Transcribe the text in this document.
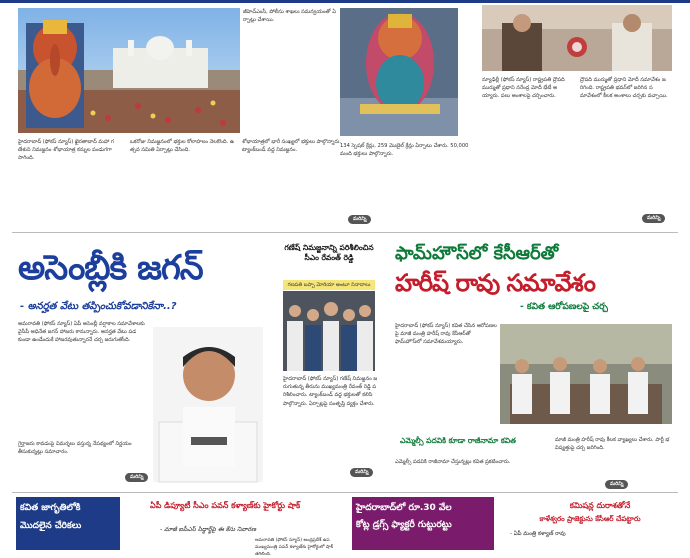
హైదరాబాద్‌ (ఫోకస్‌ న్యూస్‌) ఖైరతాబాద్‌ మహా గణేశుని నిమజ్జనం శోభాయాత్ర కన్నుల పండుగగా సాగింది.
ఒకరోజు నిమజ్జనంలో భక్తుల కోలాహలం నెలకొంది. ఉత్సవ సమితి ఏర్పాట్లు చేసింది.
శోభాయాత్రలో భారీ సంఖ్యలో భక్తులు పాల్గొన్నారు. ట్యాంక్‌బండ్‌ వద్ద నిమజ్జనం.
జీహెచ్‌ఎంసీ, పోలీసు శాఖలు సమన్వయంతో ఏర్పాట్లు చేశాయి.
134 స్పెషల్‌ క్రేన్లు, 259 మొబైల్‌ క్రేన్లు ఏర్పాటు చేశారు. 50,000 మంది భక్తులు పాల్గొన్నారు.
మరిన్ని
న్యూఢిల్లీ (ఫోకస్‌ న్యూస్‌) రాష్ట్రపతి ద్రౌపది ముర్ముతో ప్రధాని నరేంద్ర మోదీ భేటీ అయ్యారు. పలు అంశాలపై చర్చించారు.
ద్రౌపది ముర్ముతో ప్రధాని మోదీ సమావేశం జరిగింది. రాష్ట్రపతి భవన్‌లో జరిగిన సమావేశంలో కీలక అంశాలు చర్చకు వచ్చాయి.
మరిన్ని
అసెంబ్లీకి జగన్‌
- అనర్హత వేటు తప్పించుకోవడానికేనా..?
అమరావతి (ఫోకస్‌ న్యూస్‌) ఏపీ అసెంబ్లీ వర్షాకాల సమావేశాలకు వైసీపీ అధినేత జగన్‌ హాజరు కానున్నారు. అనర్హత వేటు పడకుండా ఉండేందుకే హాజరవుతున్నారనే చర్చ జరుగుతోంది.
గైర్హాజరు కావడంపై విమర్శలు వస్తున్న నేపథ్యంలో నిర్ణయం తీసుకున్నట్లు సమాచారం.
మరిన్ని
గణేష్‌ నిమజ్జనాన్ని పరిశీలించిన సీఎం రేవంత్‌ రెడ్డి
గణపతి బప్పా మోరియా అంటూ నినాదాలు
హైదరాబాద్‌ (ఫోకస్‌ న్యూస్‌) గణేష్‌ నిమజ్జనం జరుగుతున్న తీరును ముఖ్యమంత్రి రేవంత్‌ రెడ్డి పరిశీలించారు. ట్యాంక్‌బండ్‌ వద్ద భక్తులతో కలిసి పాల్గొన్నారు. ఏర్పాట్లపై సంతృప్తి వ్యక్తం చేశారు.
మరిన్ని
ఫామ్‌హౌస్‌లో కేసీఆర్‌తో
హరీష్‌ రావు సమావేశం
- కవిత ఆరోపణలపై చర్చ
హైదరాబాద్‌ (ఫోకస్‌ న్యూస్‌) కవిత చేసిన ఆరోపణలపై మాజీ మంత్రి హరీష్‌ రావు కేసీఆర్‌తో ఫామ్‌హౌస్‌లో సమావేశమయ్యారు.
ఎమ్మెల్సీ పదవికి కూడా రాజీనామా కవిత
ఎమ్మెల్సీ పదవికి రాజీనామా చేస్తున్నట్లు కవిత ప్రకటించారు.
మాజీ మంత్రి హరీష్‌ రావు కీలక వ్యాఖ్యలు చేశారు. పార్టీ భవిష్యత్తుపై చర్చ జరిగింది.
మరిన్ని
కవిత జాగృతిలోకి
మొదలైన చేరికలు
ఏపీ డిప్యూటీ సీఎం పవన్‌ కళ్యాణ్‌కు హైకోర్టు షాక్‌
- మాజీ ఐపీఎస్‌ సిద్ధార్థ్‌పై ఈ కేసు నివారణ
అమరావతి (ఫోకస్‌ న్యూస్‌) ఆంధ్రప్రదేశ్‌ ఉప ముఖ్యమంత్రి పవన్‌ కళ్యాణ్‌కు హైకోర్టులో షాక్‌ తగిలింది.
హైదరాబాద్‌లో రూ.30 వేల
కోట్ల డ్రగ్స్‌ ఫ్యాక్టరీ గుట్టురట్టు
కమిషన్ల దురాశతోనే
కాళేశ్వరం ప్రాజెక్టును కేసీఆర్‌ చేపట్టారు
- ఏపీ మంత్రి కళ్యాణ్‌ రావు
